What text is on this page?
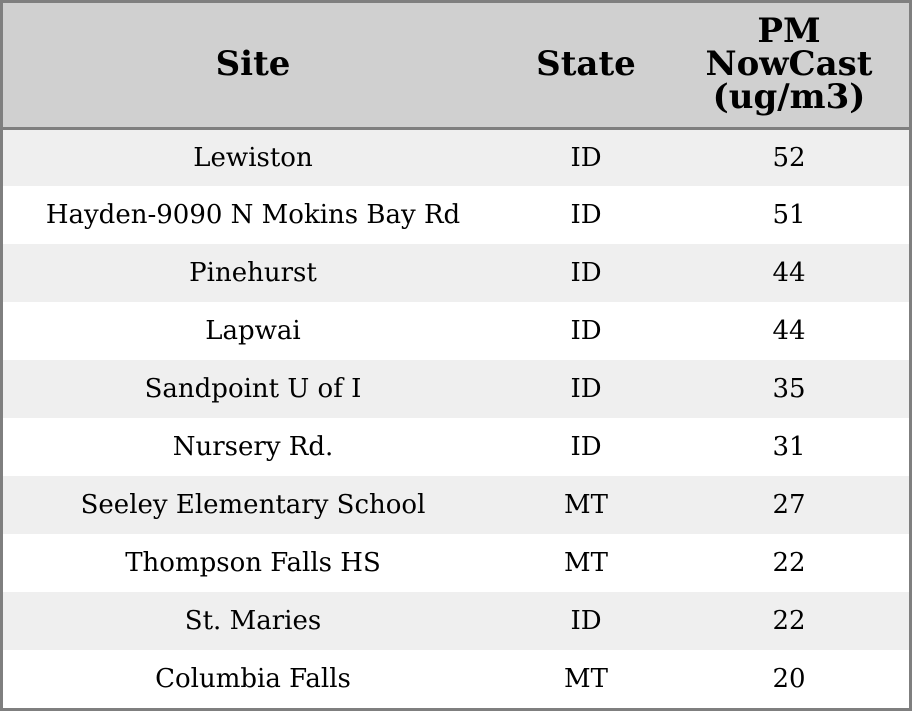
Site	State	PM NowCast (ug/m3)
Lewiston	ID	52
Hayden-9090 N Mokins Bay Rd	ID	51
Pinehurst	ID	44
Lapwai	ID	44
Sandpoint U of I	ID	35
Nursery Rd.	ID	31
Seeley Elementary School	MT	27
Thompson Falls HS	MT	22
St. Maries	ID	22
Columbia Falls	MT	20
